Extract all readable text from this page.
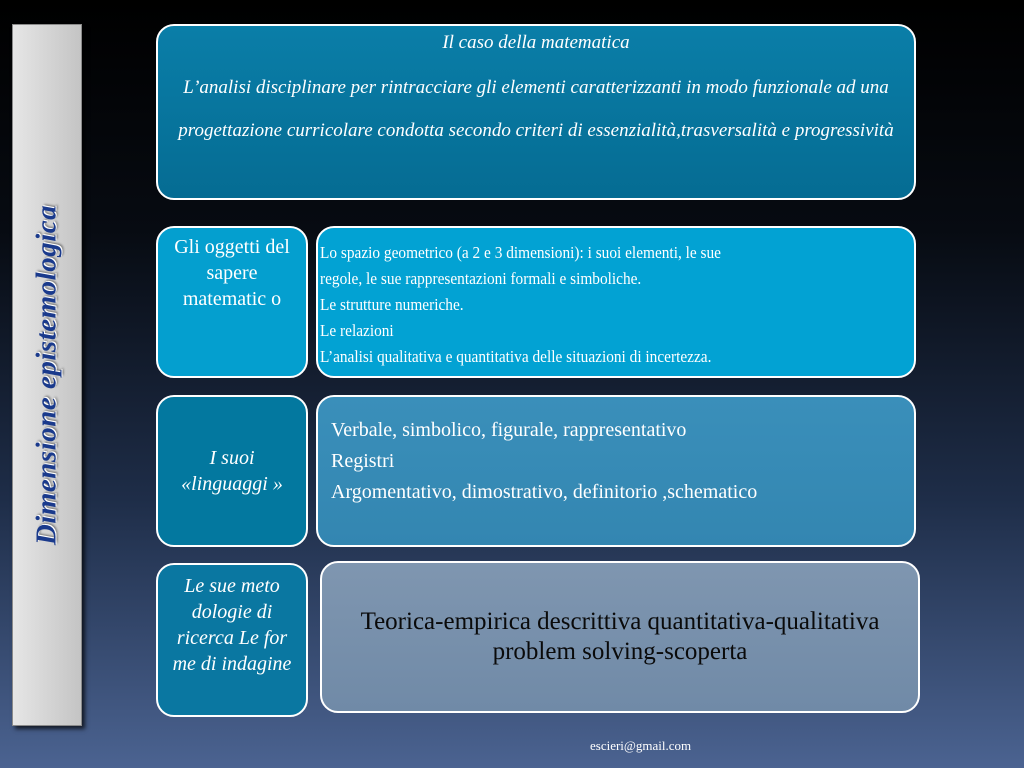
Dimensione epistemologica
Il caso della matematica
L’analisi disciplinare per rintracciare gli elementi caratterizzanti in modo funzionale ad una progettazione curricolare condotta secondo criteri di essenzialità,trasversalità e progressività
Gli oggetti del sapere matematic o
Lo spazio geometrico (a 2 e 3 dimensioni): i suoi elementi, le sue
regole, le sue rappresentazioni formali e simboliche.
Le strutture numeriche.
Le relazioni
L’analisi qualitativa e quantitativa delle situazioni di incertezza.
I suoi «linguaggi »
Verbale, simbolico, figurale, rappresentativo
Registri
Argomentativo, dimostrativo, definitorio ,schematico
Le sue meto dologie di ricerca Le for me di indagine
Teorica-empirica descrittiva quantitativa-qualitativa problem solving-scoperta
escieri@gmail.com
